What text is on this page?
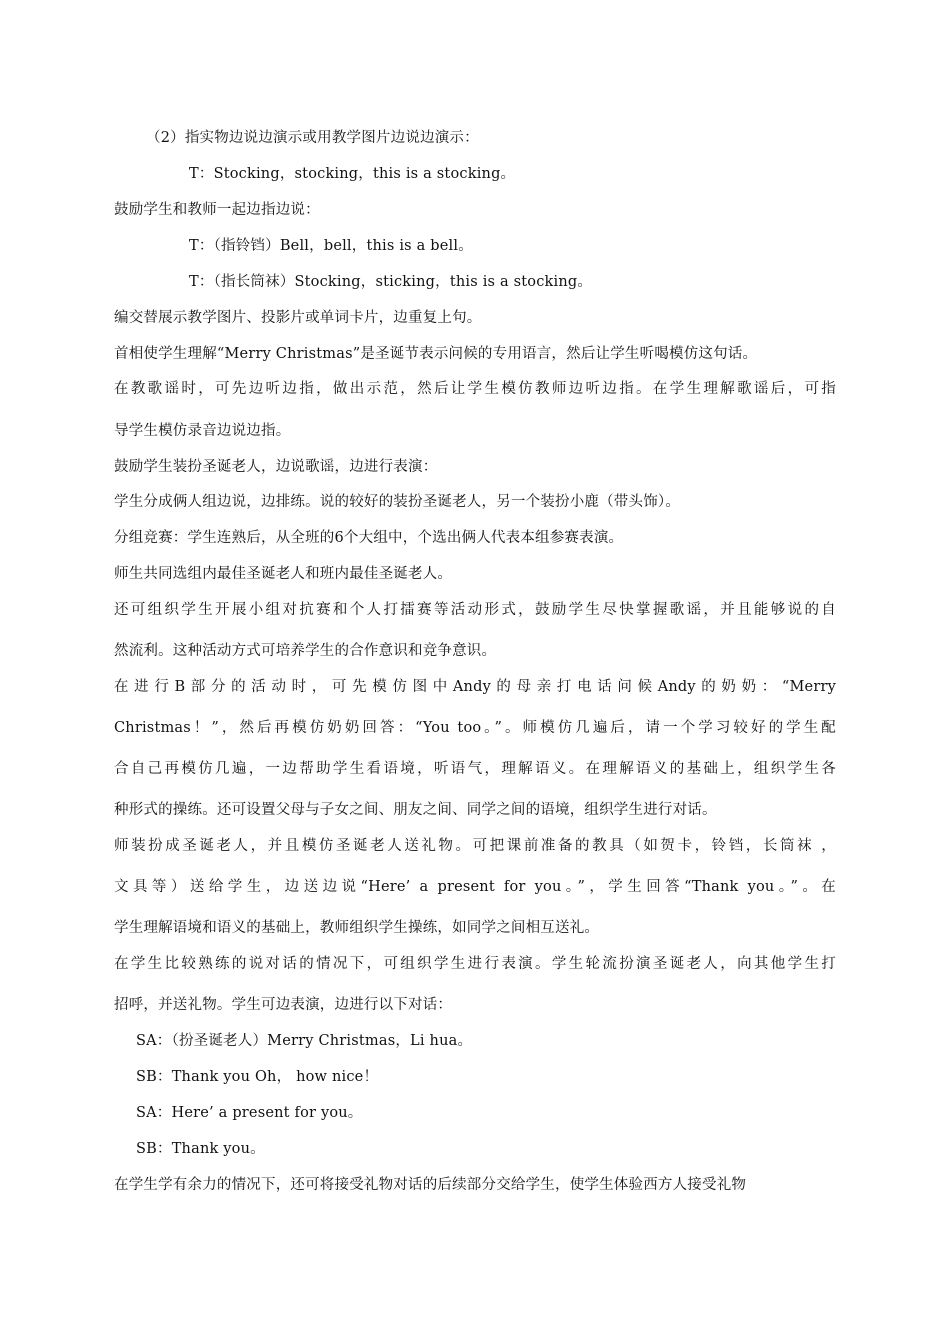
（2）指实物边说边演示或用教学图片边说边演示：
T：Stocking，stocking，this is a stocking。
鼓励学生和教师一起边指边说：
T：（指铃铛）Bell，bell，this is a bell。
T：（指长筒袜）Stocking，sticking，this is a stocking。
编交替展示教学图片、投影片或单词卡片，边重复上句。
首相使学生理解“Merry Christmas”是圣诞节表示问候的专用语言，然后让学生听喝模仿这句话。
在教歌谣时，可先边听边指，做出示范，然后让学生模仿教师边听边指。在学生理解歌谣后，可指
导学生模仿录音边说边指。
鼓励学生装扮圣诞老人，边说歌谣，边进行表演：
学生分成俩人组边说，边排练。说的较好的装扮圣诞老人，另一个装扮小鹿（带头饰）。
分组竞赛：学生连熟后，从全班的6个大组中，个选出俩人代表本组参赛表演。
师生共同选组内最佳圣诞老人和班内最佳圣诞老人。
还可组织学生开展小组对抗赛和个人打擂赛等活动形式，鼓励学生尽快掌握歌谣，并且能够说的自
然流利。这种活动方式可培养学生的合作意识和竞争意识。
在进行B部分的活动时，可先模仿图中Andy的母亲打电话问候Andy的奶奶：“Merry
Christmas！”，然后再模仿奶奶回答：“You too。”。师模仿几遍后，请一个学习较好的学生配
合自己再模仿几遍，一边帮助学生看语境，听语气，理解语义。在理解语义的基础上，组织学生各
种形式的操练。还可设置父母与子女之间、朋友之间、同学之间的语境，组织学生进行对话。
师装扮成圣诞老人，并且模仿圣诞老人送礼物。可把课前准备的教具（如贺卡，铃铛，长筒袜 ，
文具等）送给学生，边送边说“Here’ a present for you。”，学生回答“Thank you。”。在
学生理解语境和语义的基础上，教师组织学生操练，如同学之间相互送礼。
在学生比较熟练的说对话的情况下，可组织学生进行表演。学生轮流扮演圣诞老人，向其他学生打
招呼，并送礼物。学生可边表演，边进行以下对话：
SA：（扮圣诞老人）Merry Christmas，Li hua。
SB：Thank you Oh， how nice！
SA：Here’ a present for you。
SB：Thank you。
在学生学有余力的情况下，还可将接受礼物对话的后续部分交给学生，使学生体验西方人接受礼物
